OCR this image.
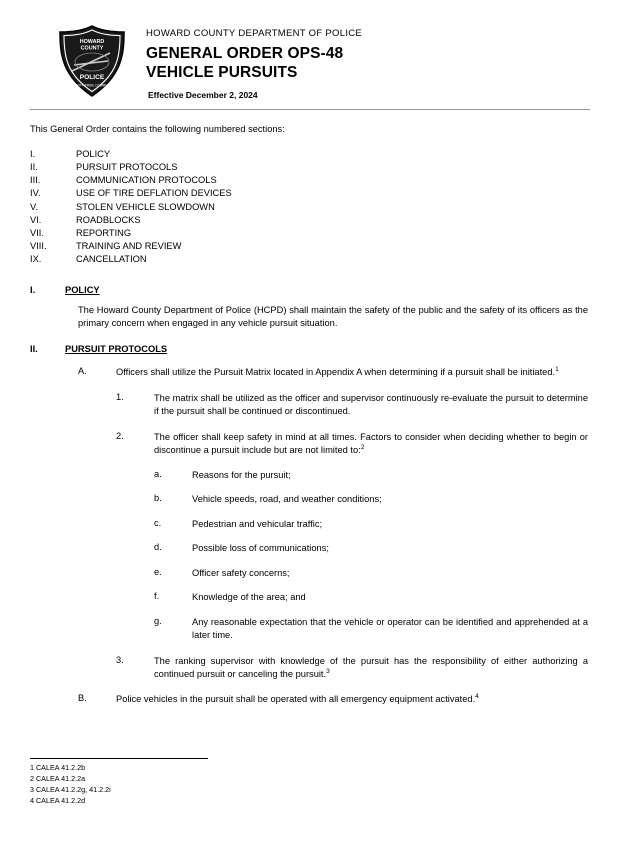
HOWARD
COUNTY
POLICE
INTEGRITY PRIDE COMMITMENT
HOWARD COUNTY DEPARTMENT OF POLICE
GENERAL ORDER OPS-48
VEHICLE PURSUITS
Effective December 2, 2024
This General Order contains the following numbered sections:
I.	POLICY
II.	PURSUIT PROTOCOLS
III.	COMMUNICATION PROTOCOLS
IV.	USE OF TIRE DEFLATION DEVICES
V.	STOLEN VEHICLE SLOWDOWN
VI.	ROADBLOCKS
VII.	REPORTING
VIII.	TRAINING AND REVIEW
IX.	CANCELLATION
I.	POLICY
The Howard County Department of Police (HCPD) shall maintain the safety of the public and the safety of its officers as the primary concern when engaged in any vehicle pursuit situation.
II.	PURSUIT PROTOCOLS
A.	Officers shall utilize the Pursuit Matrix located in Appendix A when determining if a pursuit shall be initiated.$^1$
1.	The matrix shall be utilized as the officer and supervisor continuously re-evaluate the pursuit to determine if the pursuit shall be continued or discontinued.
2.	The officer shall keep safety in mind at all times. Factors to consider when deciding whether to begin or discontinue a pursuit include but are not limited to:$^2$
a.	Reasons for the pursuit;
b.	Vehicle speeds, road, and weather conditions;
c.	Pedestrian and vehicular traffic;
d.	Possible loss of communications;
e.	Officer safety concerns;
f.	Knowledge of the area; and
g.	Any reasonable expectation that the vehicle or operator can be identified and apprehended at a later time.
3.	The ranking supervisor with knowledge of the pursuit has the responsibility of either authorizing a continued pursuit or canceling the pursuit.$^3$
B.	Police vehicles in the pursuit shall be operated with all emergency equipment activated.$^4$
1 CALEA 41.2.2b
2 CALEA 41.2.2a
3 CALEA 41.2.2g, 41.2.2i
4 CALEA 41.2.2d
